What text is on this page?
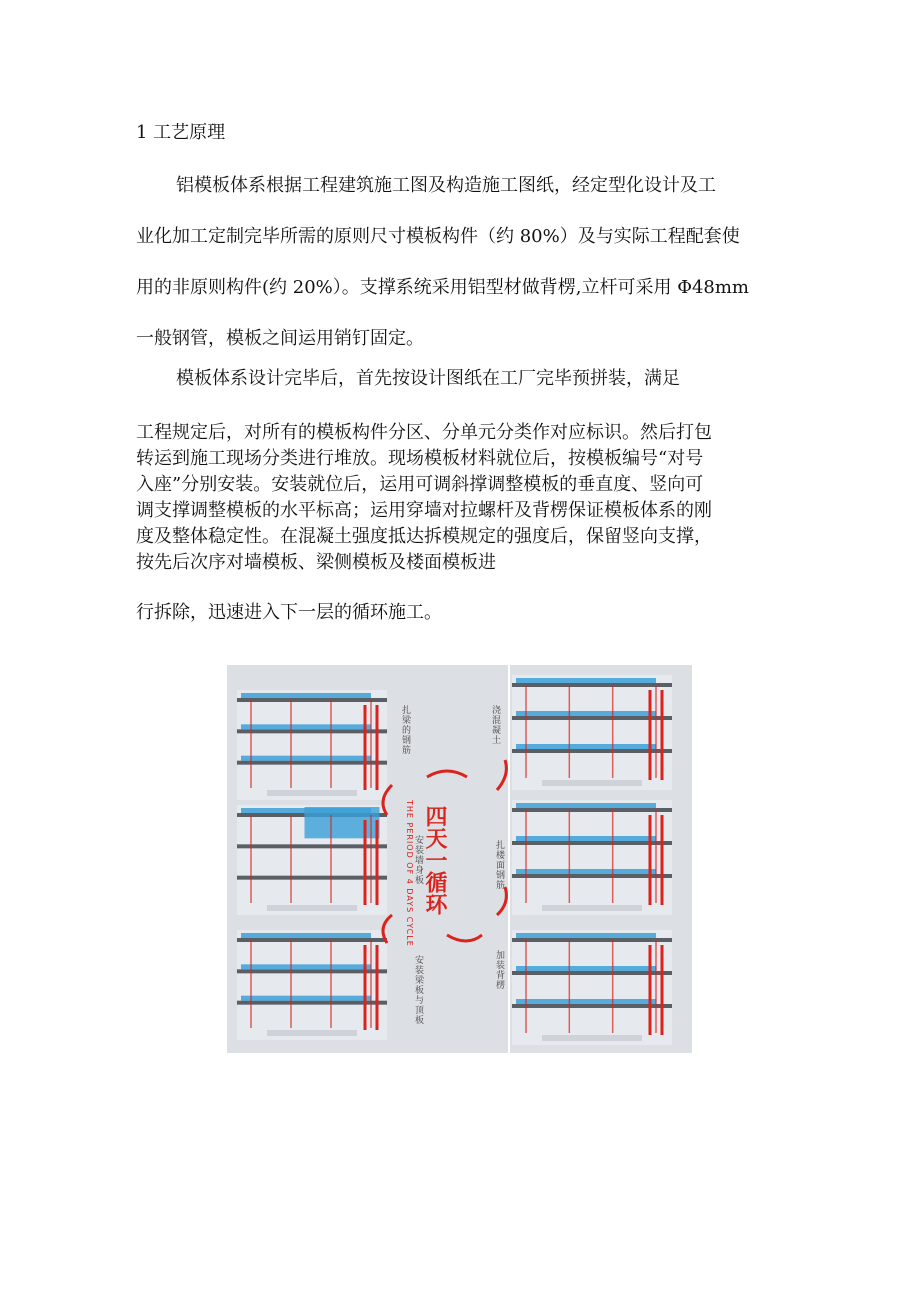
1 工艺原理
铝模板体系根据工程建筑施工图及构造施工图纸，经定型化设计及工
业化加工定制完毕所需的原则尺寸模板构件（约 80%）及与实际工程配套使
用的非原则构件(约 20%）。支撑系统采用铝型材做背楞,立杆可采用 Φ48mm
一般钢管，模板之间运用销钉固定。
模板体系设计完毕后，首先按设计图纸在工厂完毕预拼装，满足
工程规定后，对所有的模板构件分区、分单元分类作对应标识。然后打包
转运到施工现场分类进行堆放。现场模板材料就位后，按模板编号“对号
入座”分别安装。安装就位后，运用可调斜撑调整模板的垂直度、竖向可
调支撑调整模板的水平标高；运用穿墙对拉螺杆及背楞保证模板体系的刚
度及整体稳定性。在混凝土强度抵达拆模规定的强度后，保留竖向支撑，
按先后次序对墙模板、梁侧模板及楼面模板进
行拆除，迅速进入下一层的循环施工。
四天一循环
THE PERIOD OF 4 DAYS CYCLE
扎梁的钢筋
安装墙身板
安装梁板与顶板
浇混凝土
扎楼面钢筋
加装背楞
